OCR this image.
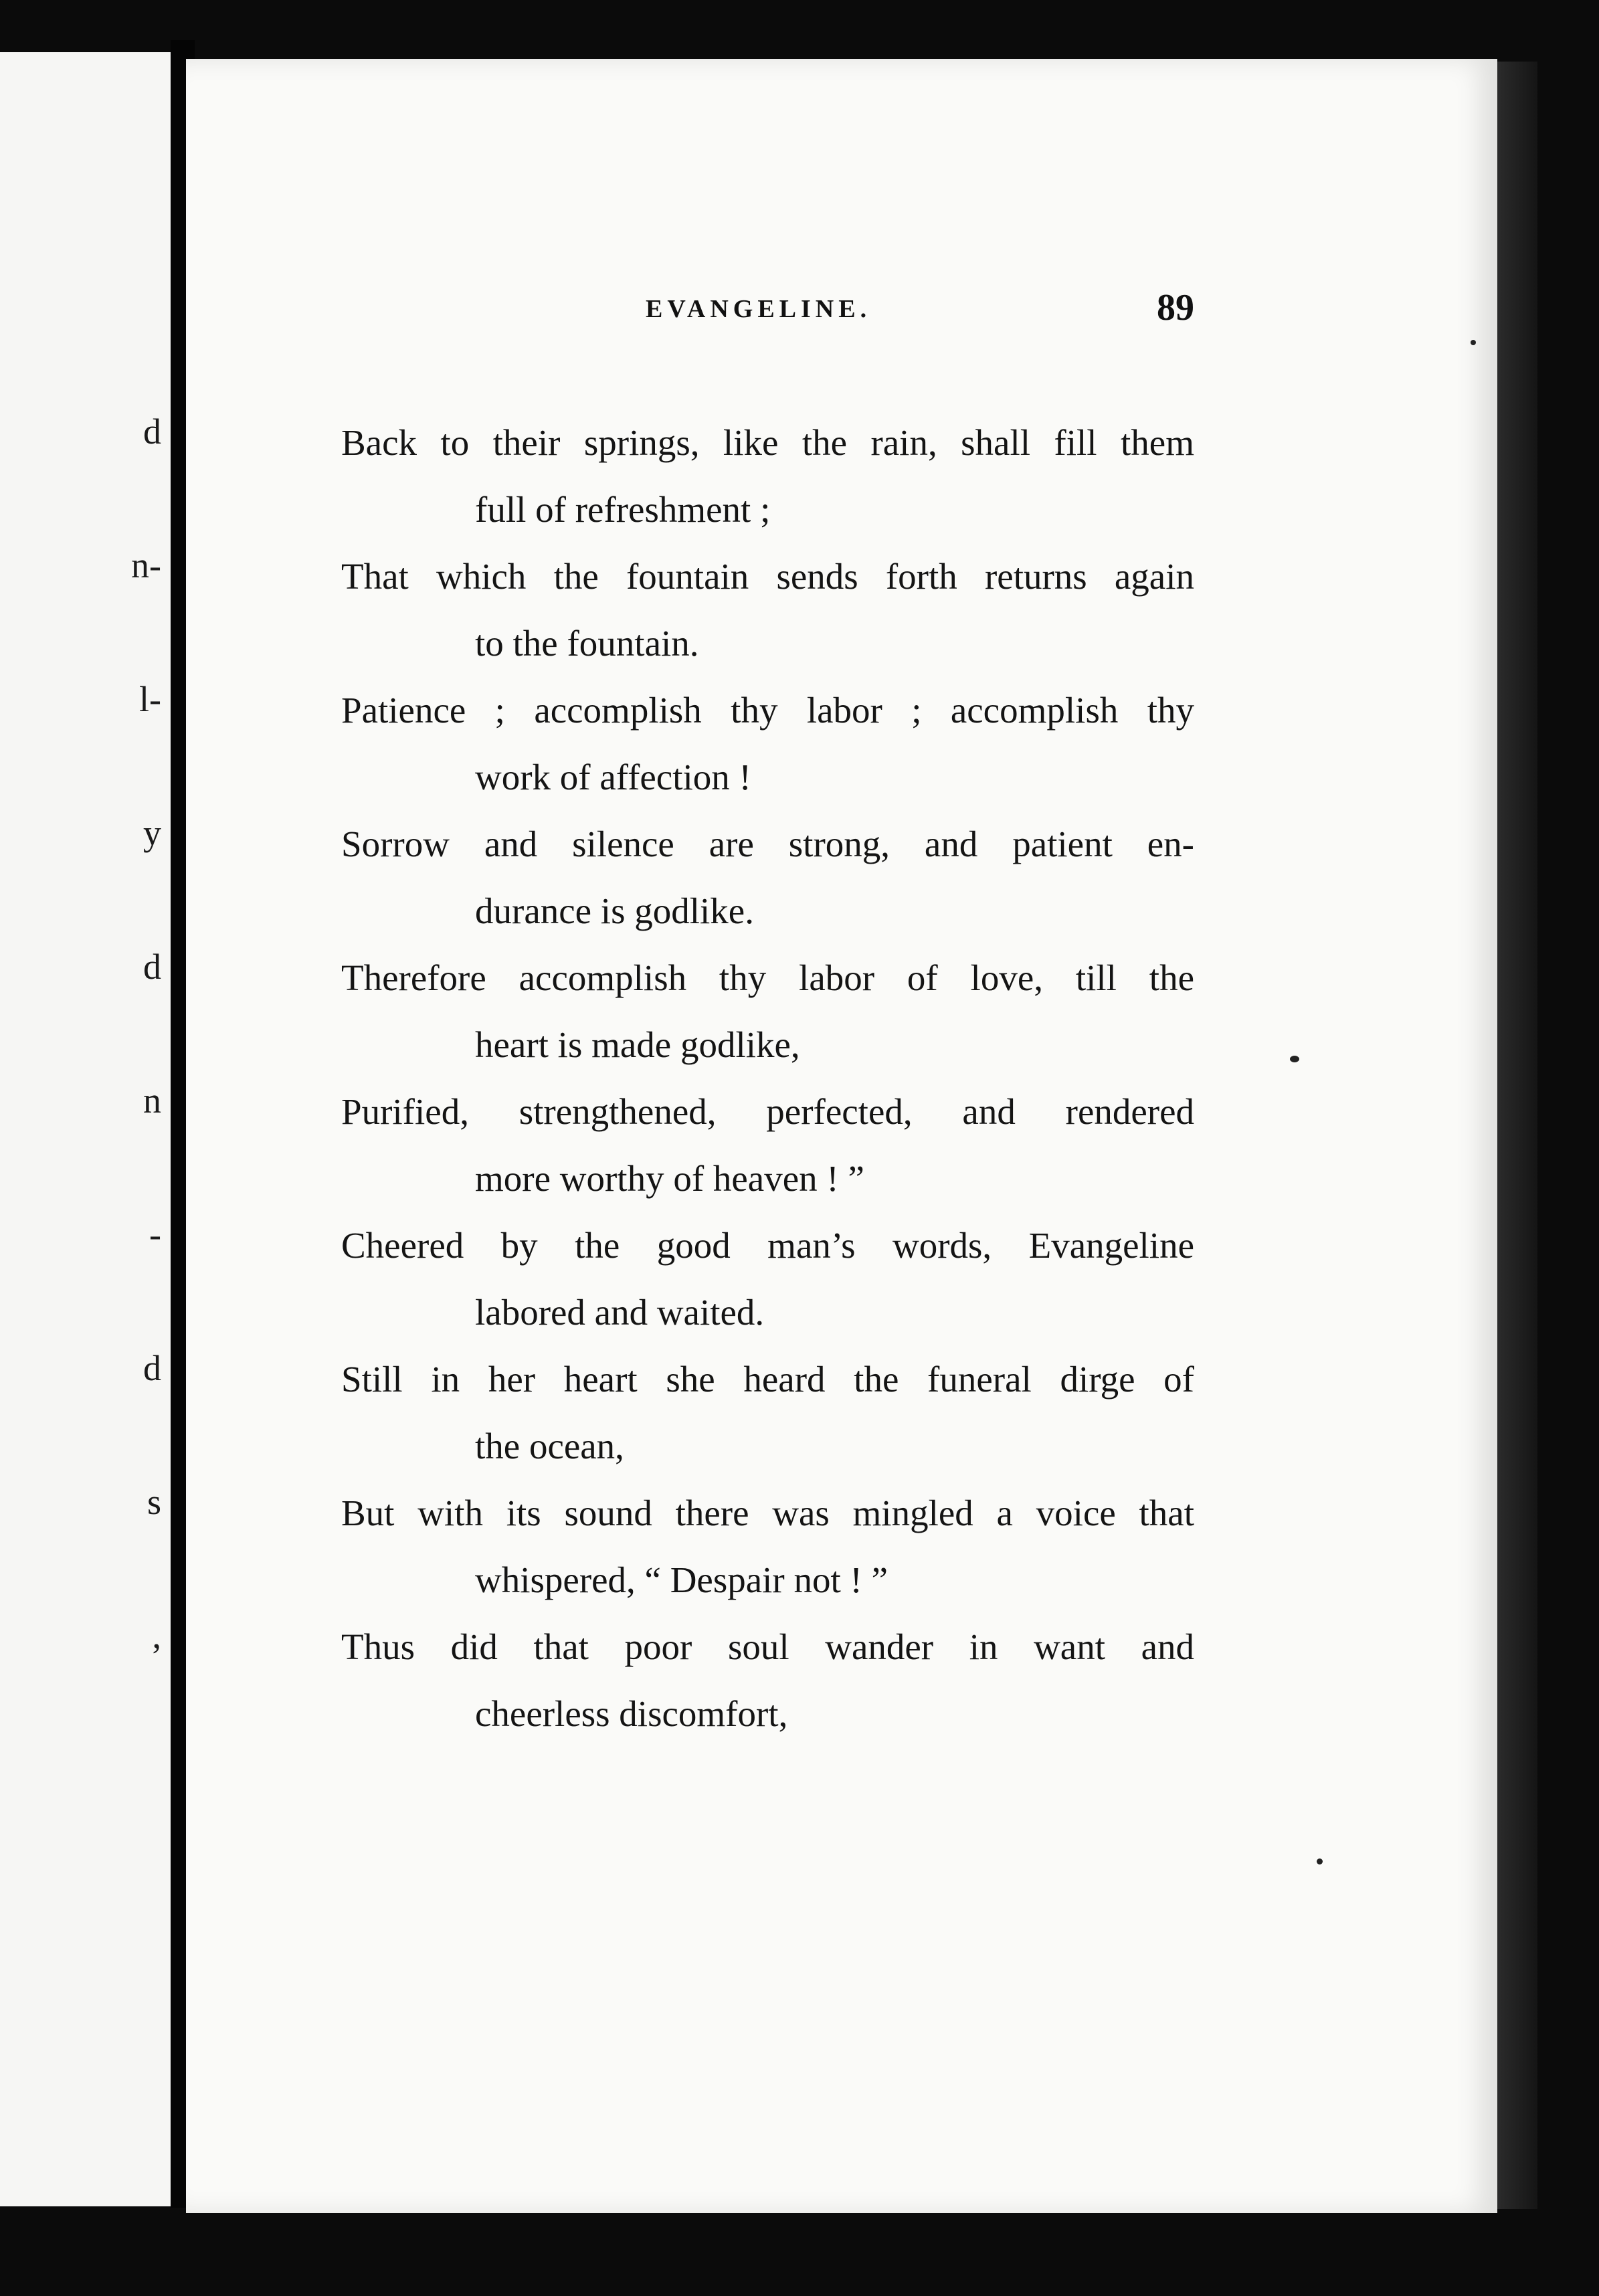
d
n-
l-
y
d
n
-
d
s
,
EVANGELINE.	89
Back to their springs, like the rain, shall fill them
full of refreshment ;
That which the fountain sends forth returns again
to the fountain.
Patience ; accomplish thy labor ; accomplish thy
work of affection !
Sorrow and silence are strong, and patient en-
durance is godlike.
Therefore accomplish thy labor of love, till the
heart is made godlike,
Purified, strengthened, perfected, and rendered
more worthy of heaven ! ”
Cheered by the good man’s words, Evangeline
labored and waited.
Still in her heart she heard the funeral dirge of
the ocean,
But with its sound there was mingled a voice that
whispered, “ Despair not ! ”
Thus did that poor soul wander in want and
cheerless discomfort,
